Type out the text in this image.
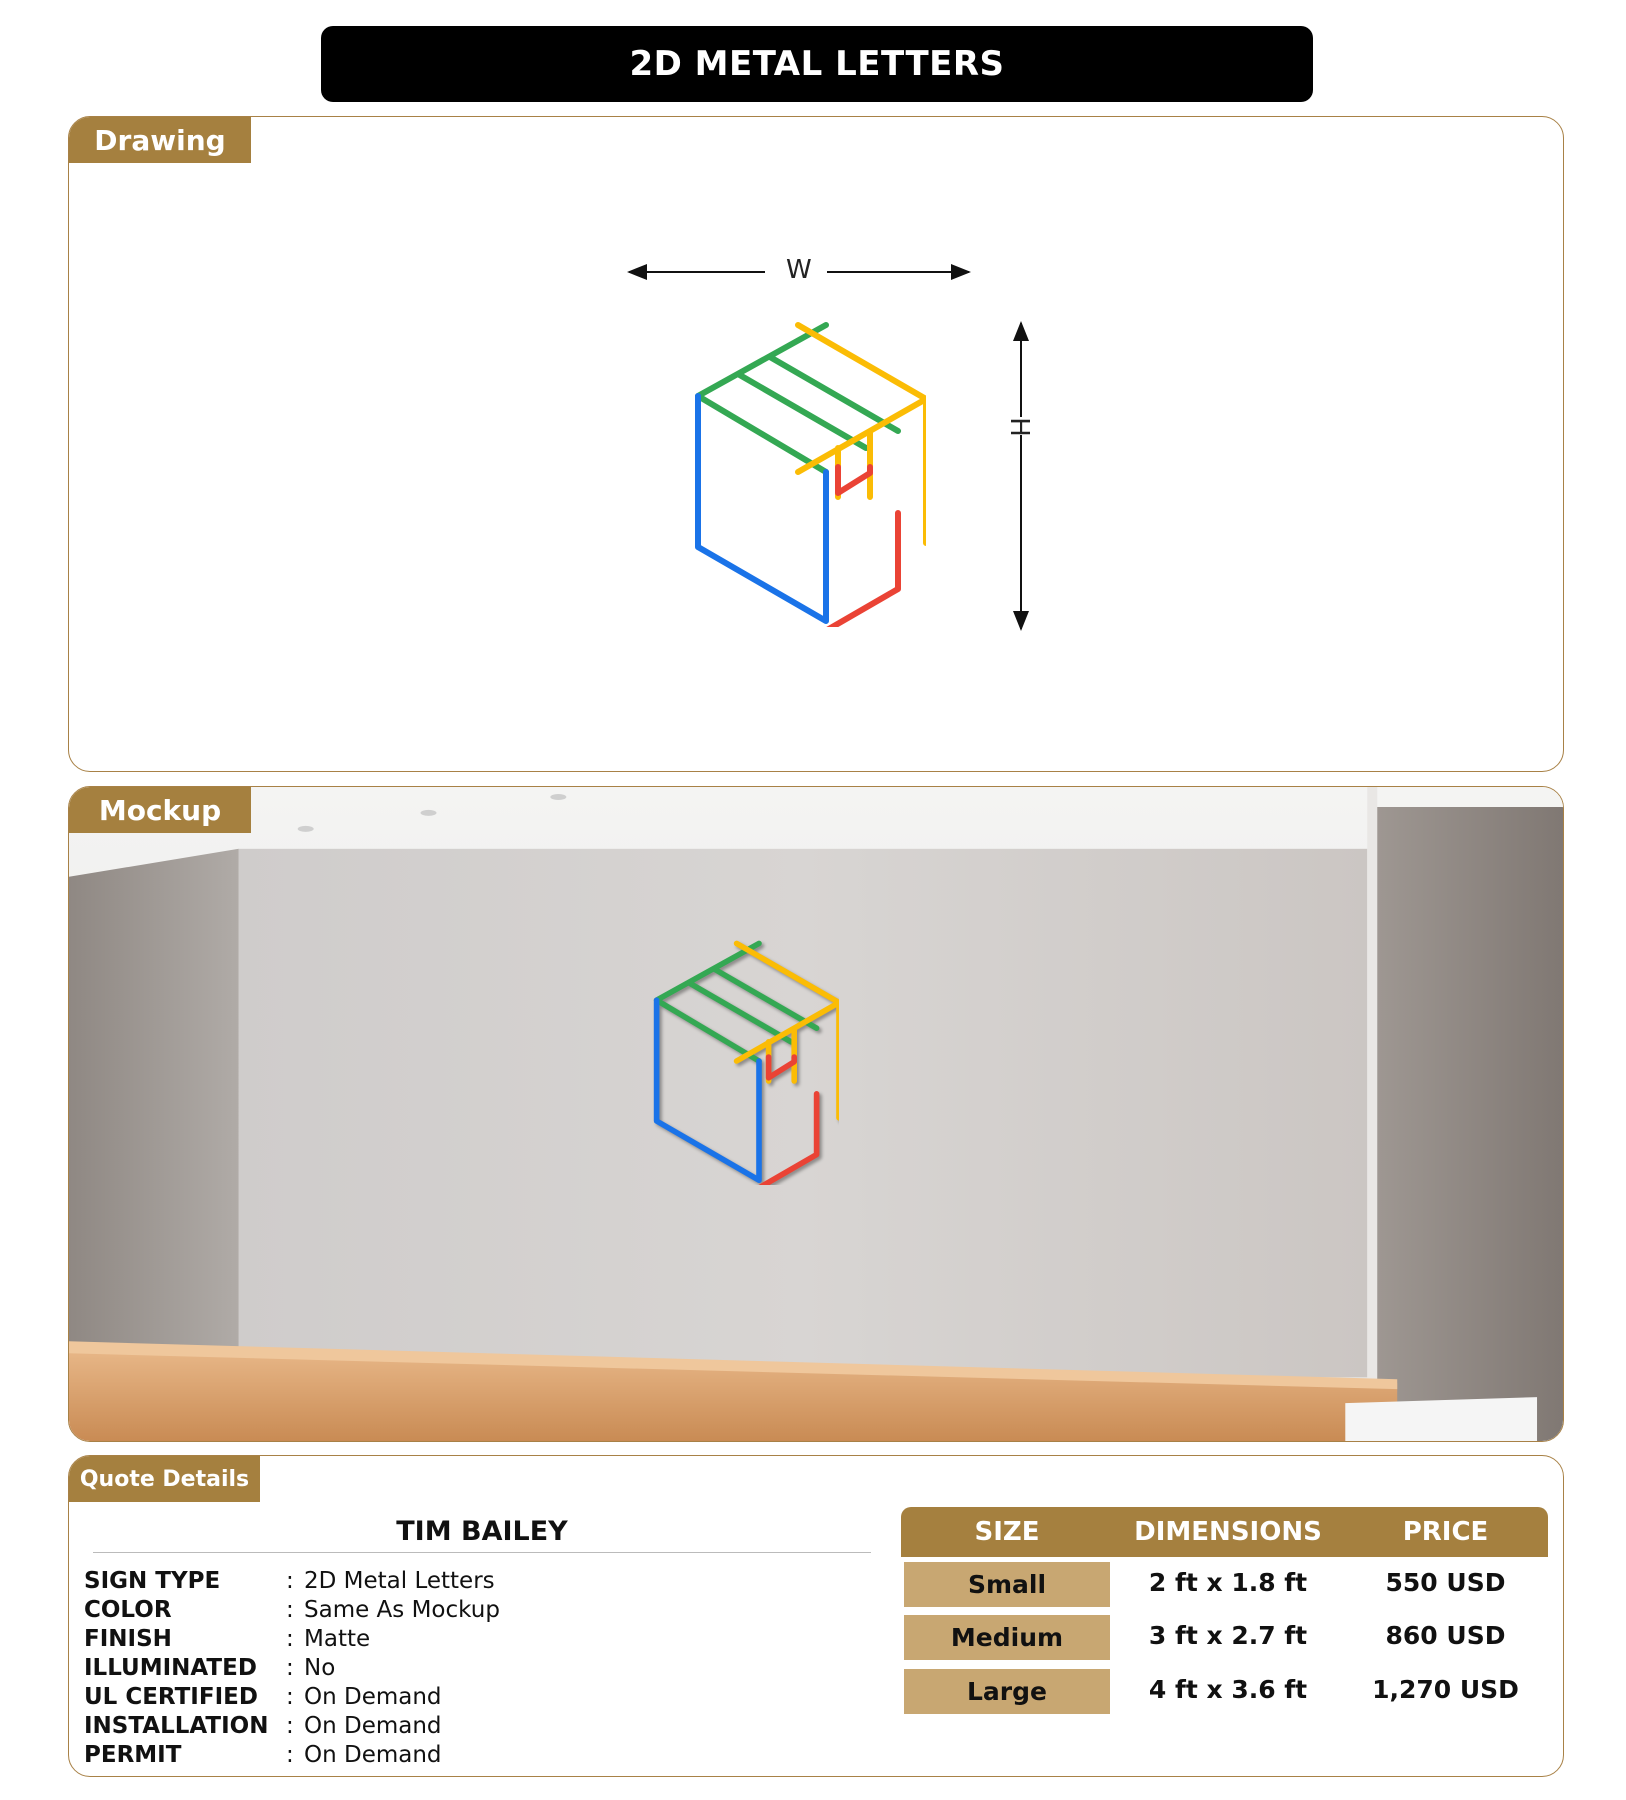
2D METAL LETTERS
Drawing
W
H
Mockup
Quote Details
TIM BAILEY
SIGN TYPE	: 2D Metal Letters
COLOR	: Same As Mockup
FINISH	: Matte
ILLUMINATED : No
UL CERTIFIED : On Demand
INSTALLATION : On Demand
PERMIT	: On Demand
SIZE	DIMENSIONS	PRICE
Small	2 ft x 1.8 ft	550 USD
Medium	3 ft x 2.7 ft	860 USD
Large	4 ft x 3.6 ft	1,270 USD
